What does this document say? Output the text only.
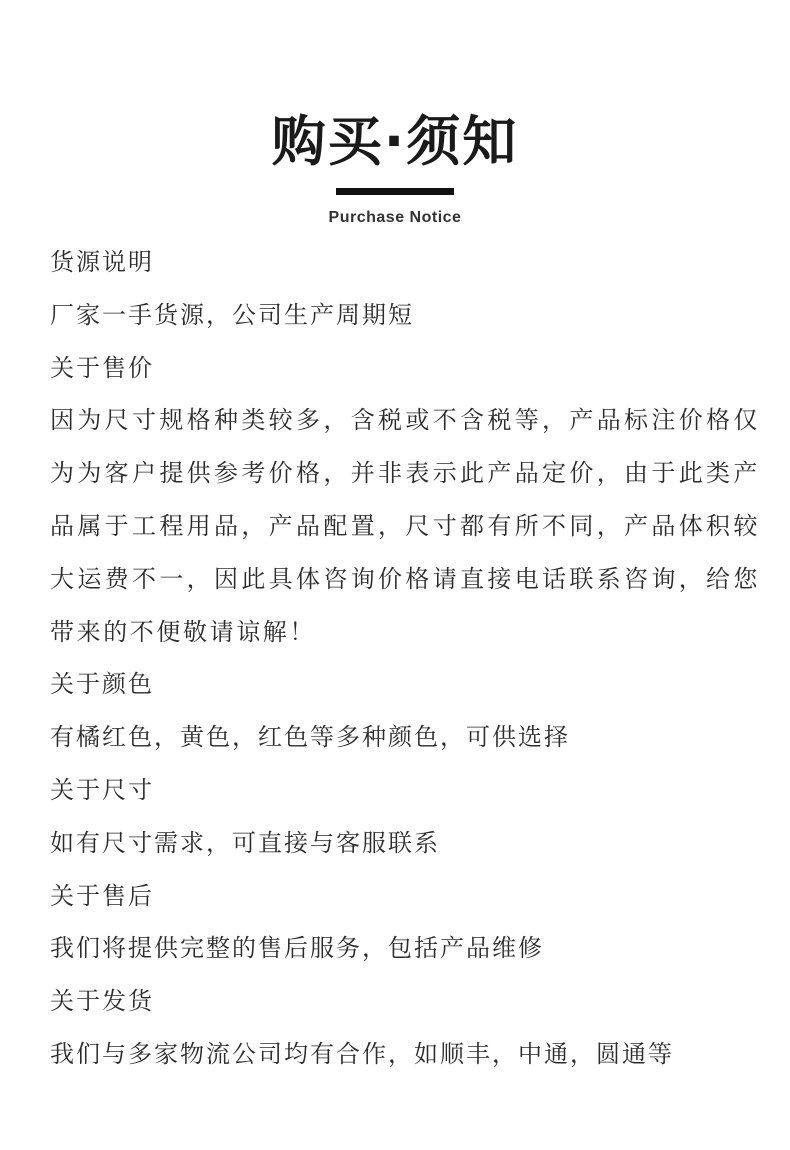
购买·须知
Purchase Notice
货源说明
厂家一手货源，公司生产周期短
关于售价
因为尺寸规格种类较多，含税或不含税等，产品标注价格仅为为客户提供参考价格，并非表示此产品定价，由于此类产品属于工程用品，产品配置，尺寸都有所不同，产品体积较大运费不一，因此具体咨询价格请直接电话联系咨询，给您带来的不便敬请谅解！
关于颜色
有橘红色，黄色，红色等多种颜色，可供选择
关于尺寸
如有尺寸需求，可直接与客服联系
关于售后
我们将提供完整的售后服务，包括产品维修
关于发货
我们与多家物流公司均有合作，如顺丰，中通，圆通等
